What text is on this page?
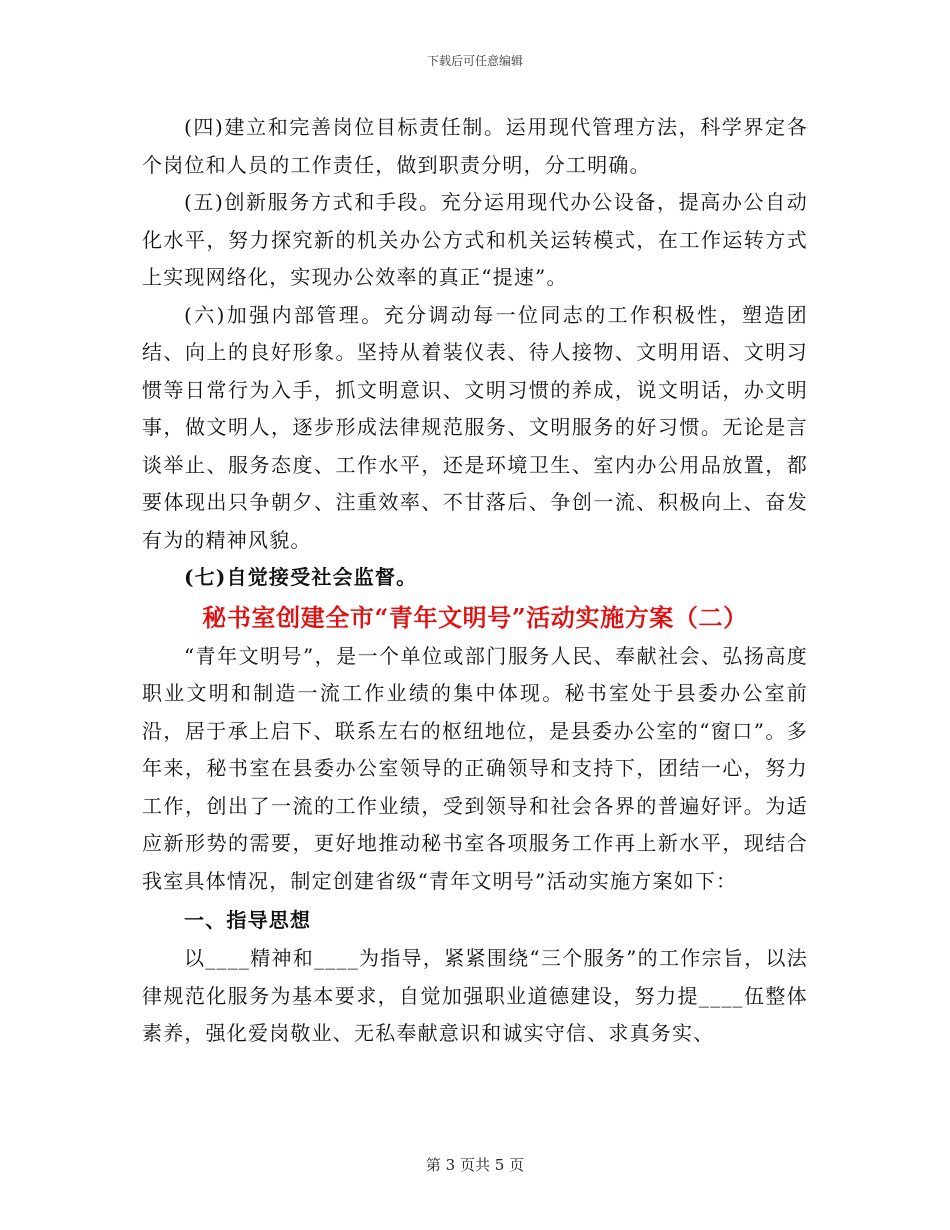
下载后可任意编辑

(四)建立和完善岗位目标责任制。运用现代管理方法，科学界定各个岗位和人员的工作责任，做到职责分明，分工明确。

(五)创新服务方式和手段。充分运用现代办公设备，提高办公自动化水平，努力探究新的机关办公方式和机关运转模式，在工作运转方式上实现网络化，实现办公效率的真正“提速”。

(六)加强内部管理。充分调动每一位同志的工作积极性，塑造团结、向上的良好形象。坚持从着装仪表、待人接物、文明用语、文明习惯等日常行为入手，抓文明意识、文明习惯的养成，说文明话，办文明事，做文明人，逐步形成法律规范服务、文明服务的好习惯。无论是言谈举止、服务态度、工作水平，还是环境卫生、室内办公用品放置，都要体现出只争朝夕、注重效率、不甘落后、争创一流、积极向上、奋发有为的精神风貌。

(七)自觉接受社会监督。

秘书室创建全市“青年文明号”活动实施方案（二）

“青年文明号”，是一个单位或部门服务人民、奉献社会、弘扬高度职业文明和制造一流工作业绩的集中体现。秘书室处于县委办公室前沿，居于承上启下、联系左右的枢纽地位，是县委办公室的“窗口”。多年来，秘书室在县委办公室领导的正确领导和支持下，团结一心，努力工作，创出了一流的工作业绩，受到领导和社会各界的普遍好评。为适应新形势的需要，更好地推动秘书室各项服务工作再上新水平，现结合我室具体情况，制定创建省级“青年文明号”活动实施方案如下：

一、指导思想

以____精神和____为指导，紧紧围绕“三个服务”的工作宗旨，以法律规范化服务为基本要求，自觉加强职业道德建设，努力提____伍整体素养，强化爱岗敬业、无私奉献意识和诚实守信、求真务实、

第 3 页共 5 页
